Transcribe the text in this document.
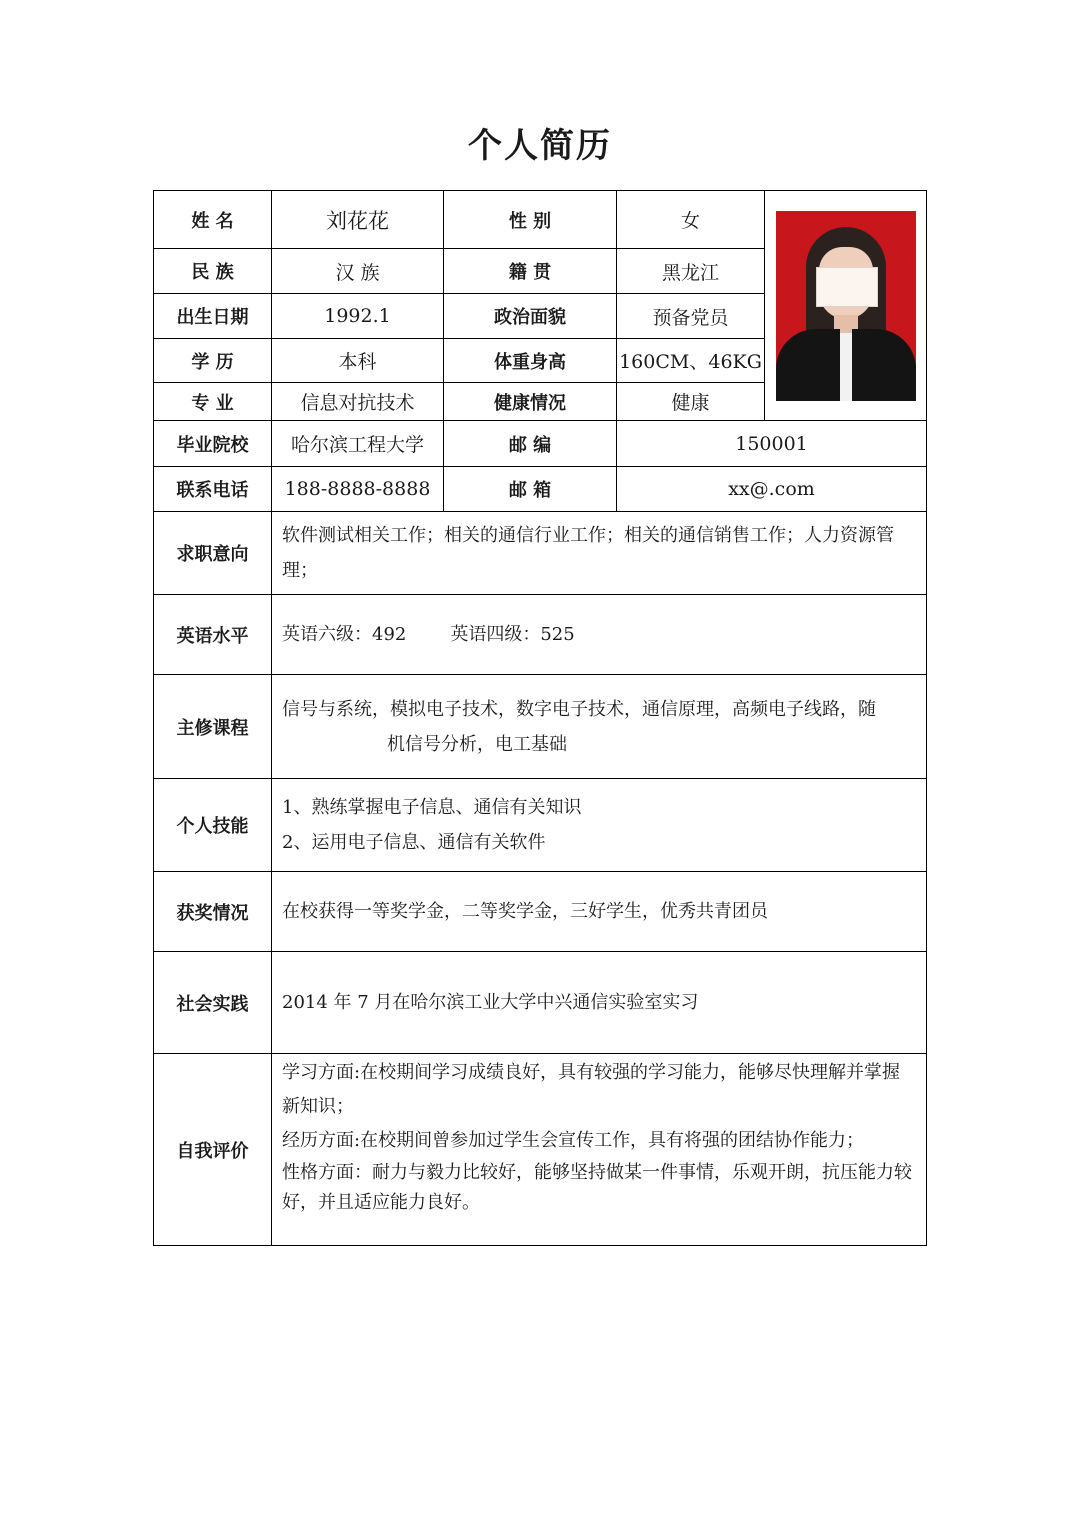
个人简历
姓 名	刘花花	性 别	女	

民 族	汉 族	籍 贯	黑龙江	
出生日期	1992.1	政治面貌	预备党员	
学 历	本科	体重身高	160CM、46KG	
专 业	信息对抗技术	健康情况	健康	
毕业院校	哈尔滨工程大学	邮 编	150001	
联系电话	188-8888-8888	邮 箱	xx@.com	
求职意向	软件测试相关工作；相关的通信行业工作；相关的通信销售工作；人力资源管理；			
英语水平	英语六级：492 英语四级：525			
主修课程	信号与系统，模拟电子技术，数字电子技术，通信原理，高频电子线路，随
机信号分析，电工基础			

个人技能	1、熟练掌握电子信息、通信有关知识
2、运用电子信息、通信有关软件			

获奖情况	在校获得一等奖学金，二等奖学金，三好学生，优秀共青团员			
社会实践	2014 年 7 月在哈尔滨工业大学中兴通信实验室实习			
自我评价	学习方面:在校期间学习成绩良好，具有较强的学习能力，能够尽快理解并掌握新知识；
经历方面:在校期间曾参加过学生会宣传工作，具有将强的团结协作能力；
性格方面：耐力与毅力比较好，能够坚持做某一件事情，乐观开朗，抗压能力较好，并且适应能力良好。			
